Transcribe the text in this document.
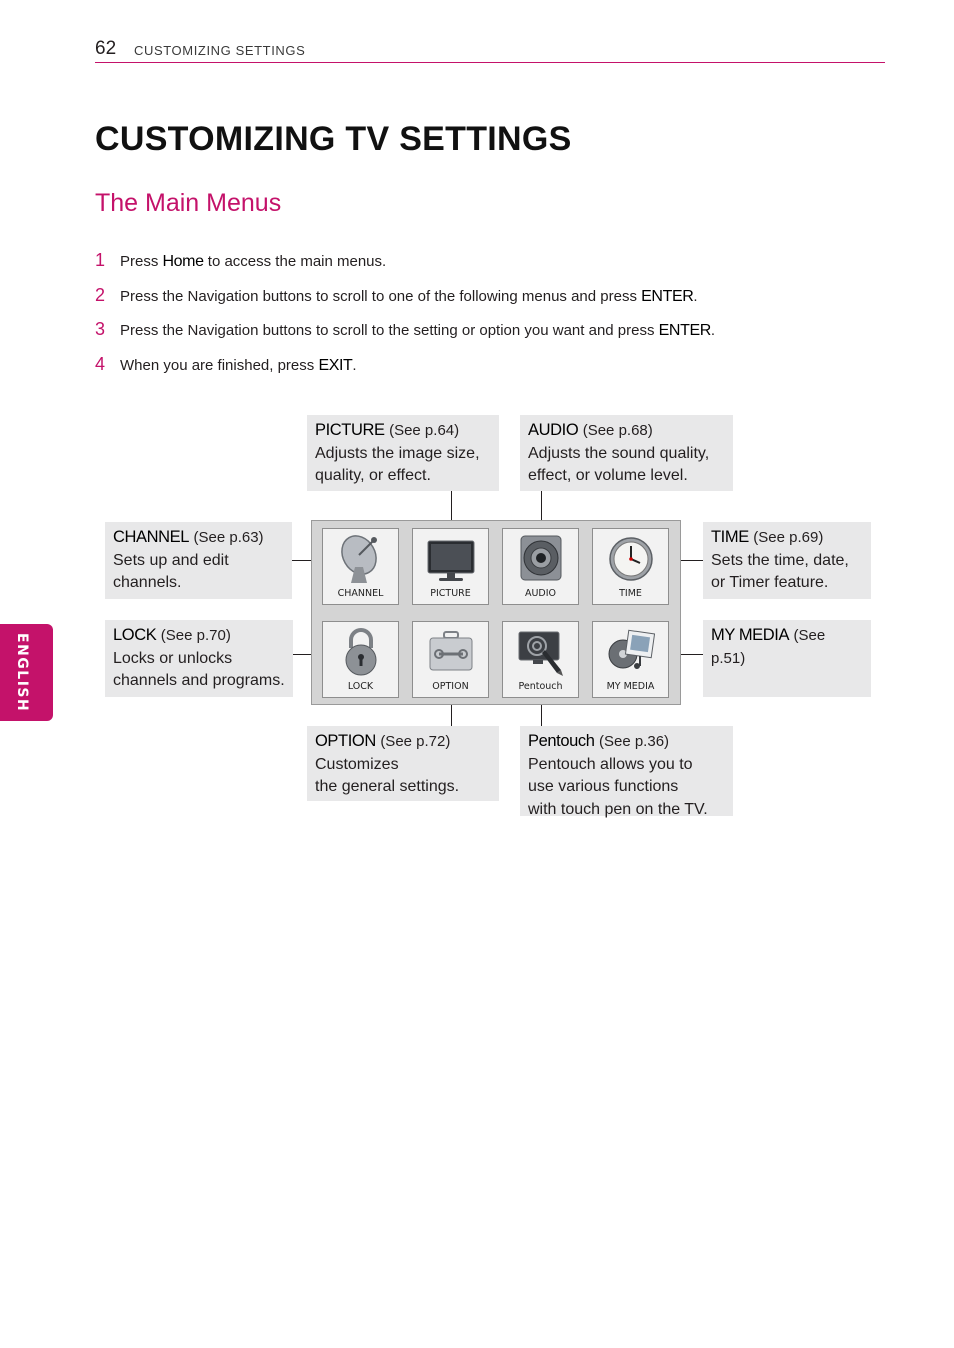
62 CUSTOMIZING SETTINGS
CUSTOMIZING TV SETTINGS
The Main Menus
1 Press Home to access the main menus.
2 Press the Navigation buttons to scroll to one of the following menus and press ENTER.
3 Press the Navigation buttons to scroll to the setting or option you want and press ENTER.
4 When you are finished, press EXIT.
PICTURE (See p.64)
Adjusts the image size,
quality, or effect.
AUDIO (See p.68)
Adjusts the sound quality,
effect, or volume level.
CHANNEL (See p.63)
Sets up and edit
channels.
TIME (See p.69)
Sets the time, date,
or Timer feature.
LOCK (See p.70)
Locks or unlocks
channels and programs.
MY MEDIA (See p.51)
OPTION (See p.72)
Customizes
the general settings.
Pentouch (See p.36)
Pentouch allows you to
use various functions
with touch pen on the TV.
CHANNEL	PICTURE	AUDIO	TIME
LOCK	OPTION	Pentouch	MY MEDIA
ENGLISH
